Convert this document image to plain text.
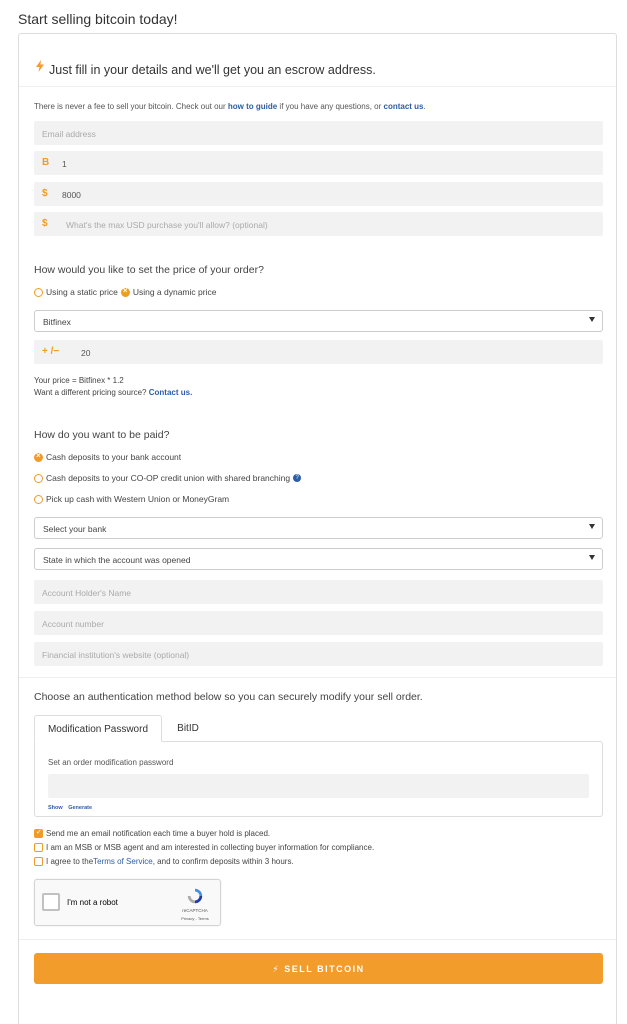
Start selling bitcoin today!
Just fill in your details and we'll get you an escrow address.
There is never a fee to sell your bitcoin. Check out our how to guide if you have any questions, or contact us.
Email address
B 1
$ 8000
$ What's the max USD purchase you'll allow? (optional)
How would you like to set the price of your order?
Using a static price
× Using a dynamic price
Bitfinex
+ /−	20
Your price = Bitfinex * 1.2
Want a different pricing source? Contact us.
How do you want to be paid?
×
Cash deposits to your bank account
Cash deposits to your CO-OP credit union with shared branching ?
Pick up cash with Western Union or MoneyGram
Select your bank
State in which the account was opened
Account Holder's Name
Account number
Financial institution's website (optional)
Choose an authentication method below so you can securely modify your sell order.
Modification Password	BitID
Set an order modification password
Show Generate
✓
Send me an email notification each time a buyer hold is placed.
I am an MSB or MSB agent and am interested in collecting buyer information for compliance.
I agree to the Terms of Service , and to confirm deposits within 3 hours.
I'm not a robot
reCAPTCHA
Privacy - Terms
⚡ SELL BITCOIN
